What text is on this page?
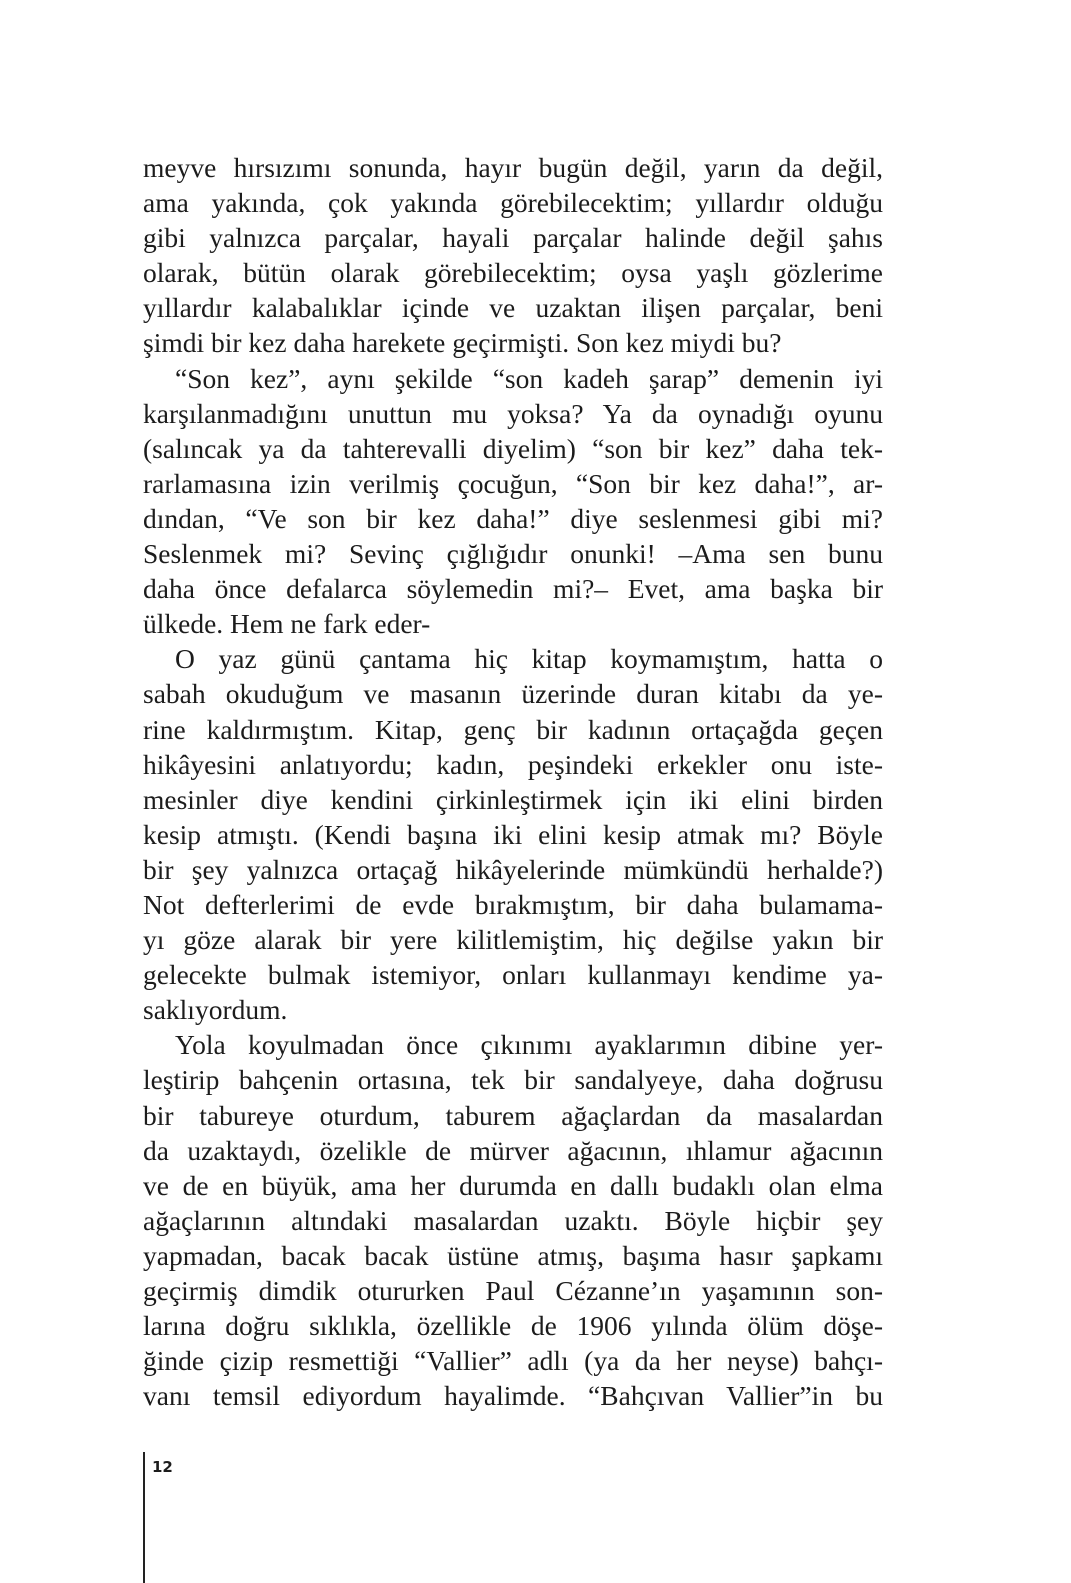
meyve hırsızımı sonunda, hayır bugün değil, yarın da değil,
ama yakında, çok yakında görebilecektim; yıllardır olduğu
gibi yalnızca parçalar, hayali parçalar halinde değil şahıs
olarak, bütün olarak görebilecektim; oysa yaşlı gözlerime
yıllardır kalabalıklar içinde ve uzaktan ilişen parçalar, beni
şimdi bir kez daha harekete geçirmişti. Son kez miydi bu?
“Son kez”, aynı şekilde “son kadeh şarap” demenin iyi
karşılanmadığını unuttun mu yoksa? Ya da oynadığı oyunu
(salıncak ya da tahterevalli diyelim) “son bir kez” daha tek-
rarlamasına izin verilmiş çocuğun, “Son bir kez daha!”, ar-
dından, “Ve son bir kez daha!” diye seslenmesi gibi mi?
Seslenmek mi? Sevinç çığlığıdır onunki! –Ama sen bunu
daha önce defalarca söylemedin mi?– Evet, ama başka bir
ülkede. Hem ne fark eder-
O yaz günü çantama hiç kitap koymamıştım, hatta o
sabah okuduğum ve masanın üzerinde duran kitabı da ye-
rine kaldırmıştım. Kitap, genç bir kadının ortaçağda geçen
hikâyesini anlatıyordu; kadın, peşindeki erkekler onu iste-
mesinler diye kendini çirkinleştirmek için iki elini birden
kesip atmıştı. (Kendi başına iki elini kesip atmak mı? Böyle
bir şey yalnızca ortaçağ hikâyelerinde mümkündü herhalde?)
Not defterlerimi de evde bırakmıştım, bir daha bulamama-
yı göze alarak bir yere kilitlemiştim, hiç değilse yakın bir
gelecekte bulmak istemiyor, onları kullanmayı kendime ya-
saklıyordum.
Yola koyulmadan önce çıkınımı ayaklarımın dibine yer-
leştirip bahçenin ortasına, tek bir sandalyeye, daha doğrusu
bir tabureye oturdum, taburem ağaçlardan da masalardan
da uzaktaydı, özelikle de mürver ağacının, ıhlamur ağacının
ve de en büyük, ama her durumda en dallı budaklı olan elma
ağaçlarının altındaki masalardan uzaktı. Böyle hiçbir şey
yapmadan, bacak bacak üstüne atmış, başıma hasır şapkamı
geçirmiş dimdik otururken Paul Cézanne’ın yaşamının son-
larına doğru sıklıkla, özellikle de 1906 yılında ölüm döşe-
ğinde çizip resmettiği “Vallier” adlı (ya da her neyse) bahçı-
vanı temsil ediyordum hayalimde. “Bahçıvan Vallier”in bu
12
